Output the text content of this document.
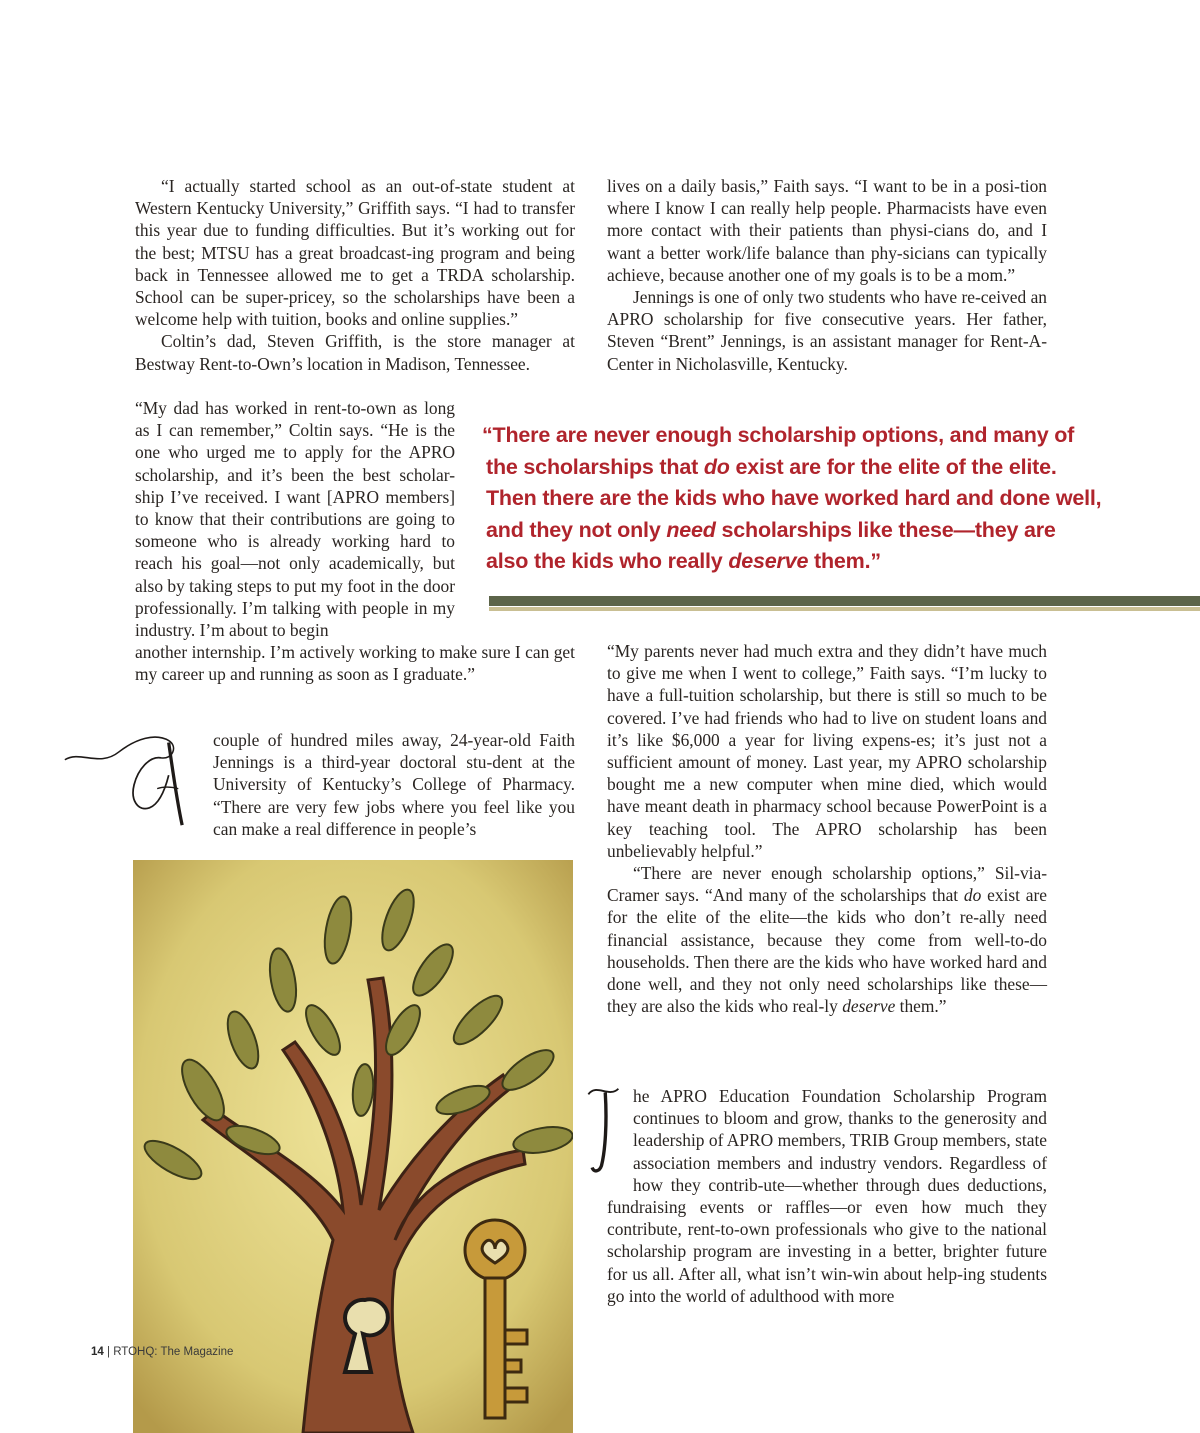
“I actually started school as an out-of-state student at Western Kentucky University,” Griffith says. “I had to transfer this year due to funding difficulties. But it’s working out for the best; MTSU has a great broadcast-ing program and being back in Tennessee allowed me to get a TRDA scholarship. School can be super-pricey, so the scholarships have been a welcome help with tuition, books and online supplies.”

Coltin’s dad, Steven Griffith, is the store manager at Bestway Rent-to-Own’s location in Madison, Tennessee.

“My dad has worked in rent-to-own as long as I can remember,” Coltin says. “He is the one who urged me to apply for the APRO scholarship, and it’s been the best scholar-ship I’ve received. I want [APRO members] to know that their contributions are going to someone who is already working hard to reach his goal—not only academically, but also by taking steps to put my foot in the door professionally. I’m talking with people in my industry. I’m about to begin

another internship. I’m actively working to make sure I can get my career up and running as soon as I graduate.”

A
couple of hundred miles away, 24-year-old Faith Jennings is a third-year doctoral stu-dent at the University of Kentucky’s College of Pharmacy. “There are very few jobs where you feel like you can make a real difference in people’s

lives on a daily basis,” Faith says. “I want to be in a posi-tion where I know I can really help people. Pharmacists have even more contact with their patients than physi-cians do, and I want a better work/life balance than phy-sicians can typically achieve, because another one of my goals is to be a mom.”

Jennings is one of only two students who have re-ceived an APRO scholarship for five consecutive years. Her father, Steven “Brent” Jennings, is an assistant manager for Rent-A-Center in Nicholasville, Kentucky.

“There are never enough scholarship options, and many of
the scholarships that do exist are for the elite of the elite.
Then there are the kids who have worked hard and done well,
and they not only need scholarships like these—they are
also the kids who really deserve them.”

“My parents never had much extra and they didn’t have much to give me when I went to college,” Faith says. “I’m lucky to have a full-tuition scholarship, but there is still so much to be covered. I’ve had friends who had to live on student loans and it’s like $6,000 a year for living expens-es; it’s just not a sufficient amount of money. Last year, my APRO scholarship bought me a new computer when mine died, which would have meant death in pharmacy school because PowerPoint is a key teaching tool. The APRO scholarship has been unbelievably helpful.”

“There are never enough scholarship options,” Sil-via-Cramer says. “And many of the scholarships that do exist are for the elite of the elite—the kids who don’t re-ally need financial assistance, because they come from well-to-do households. Then there are the kids who have worked hard and done well, and they not only need scholarships like these—they are also the kids who real-ly deserve them.”

he APRO Education Foundation Scholarship Program continues to bloom and grow, thanks to the generosity and leadership of APRO members, TRIB Group members, state association members and industry vendors. Regardless of how they contrib-ute—whether through dues deductions, fundraising events or raffles—or even how much they contribute, rent-to-own professionals who give to the national scholarship program are investing in a better, brighter future for us all. After all, what isn’t win-win about help-ing students go into the world of adulthood with more

14 | RTOHQ: The Magazine
